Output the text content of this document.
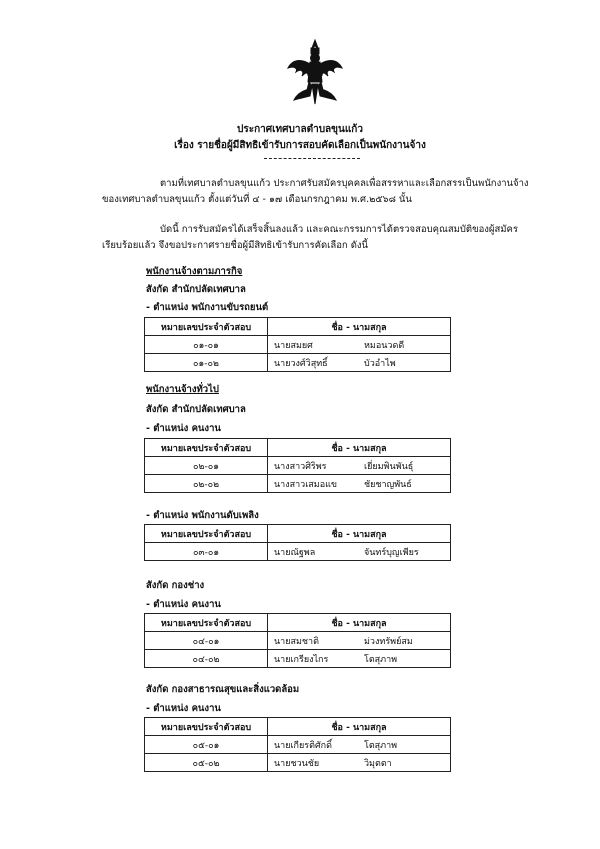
ประกาศเทศบาลตำบลขุนแก้ว
เรื่อง รายชื่อผู้มีสิทธิเข้ารับการสอบคัดเลือกเป็นพนักงานจ้าง
ตามที่เทศบาลตำบลขุนแก้ว ประกาศรับสมัครบุคคลเพื่อสรรหาและเลือกสรรเป็นพนักงานจ้าง
ของเทศบาลตำบลขุนแก้ว ตั้งแต่วันที่ ๔ - ๑๗ เดือนกรกฎาคม พ.ศ.๒๕๖๘ นั้น
บัดนี้ การรับสมัครได้เสร็จสิ้นลงแล้ว และคณะกรรมการได้ตรวจสอบคุณสมบัติของผู้สมัคร
เรียบร้อยแล้ว จึงขอประกาศรายชื่อผู้มีสิทธิเข้ารับการคัดเลือก ดังนี้
พนักงานจ้างตามภารกิจ
สังกัด สำนักปลัดเทศบาล
- ตำแหน่ง พนักงานขับรถยนต์
หมายเลขประจำตัวสอบ	ชื่อ - นามสกุล	
๐๑-๐๑	นายสมยศ	หมอนวดดี
๐๑-๐๒	นายวงศ์วิสุทธิ์	บัวอำไพ
พนักงานจ้างทั่วไป
สังกัด สำนักปลัดเทศบาล
- ตำแหน่ง คนงาน
หมายเลขประจำตัวสอบ	ชื่อ - นามสกุล	
๐๒-๐๑	นางสาวศิริพร	เยี่ยมพินพันธุ์
๐๒-๐๒	นางสาวเสมอแข	ชัยชาญพันธ์
- ตำแหน่ง พนักงานดับเพลิง
หมายเลขประจำตัวสอบ	ชื่อ - นามสกุล	
๐๓-๐๑	นายณัฐพล	จันทร์บุญเพียร
สังกัด กองช่าง
- ตำแหน่ง คนงาน
หมายเลขประจำตัวสอบ	ชื่อ - นามสกุล	
๐๔-๐๑	นายสมชาติ	ม่วงทรัพย์สม
๐๔-๐๒	นายเกรียงไกร	โตสุภาพ
สังกัด กองสาธารณสุขและสิ่งแวดล้อม
- ตำแหน่ง คนงาน
หมายเลขประจำตัวสอบ	ชื่อ - นามสกุล	
๐๕-๐๑	นายเกียรติศักดิ์	โตสุภาพ
๐๕-๐๒	นายชวนชัย	วิมุตตา
